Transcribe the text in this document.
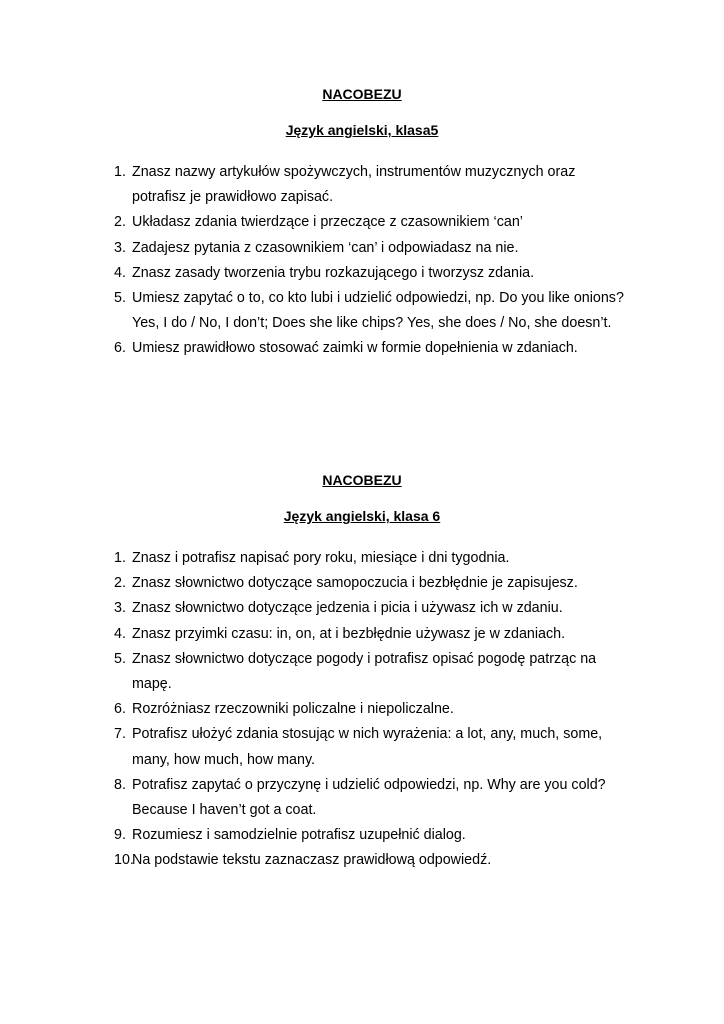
NACOBEZU

Język angielski, klasa5

1. Znasz nazwy artykułów spożywczych, instrumentów muzycznych oraz
potrafisz je prawidłowo zapisać.
2. Układasz zdania twierdzące i przeczące z czasownikiem ‘can’
3. Zadajesz pytania z czasownikiem ‘can’ i odpowiadasz na nie.
4. Znasz zasady tworzenia trybu rozkazującego i tworzysz zdania.
5. Umiesz zapytać o to, co kto lubi i udzielić odpowiedzi, np. Do you like onions?
Yes, I do / No, I don’t; Does she like chips? Yes, she does / No, she doesn’t.
6. Umiesz prawidłowo stosować zaimki w formie dopełnienia w zdaniach.

NACOBEZU

Język angielski, klasa 6

1. Znasz i potrafisz napisać pory roku, miesiące i dni tygodnia.
2. Znasz słownictwo dotyczące samopoczucia i bezbłędnie je zapisujesz.
3. Znasz słownictwo dotyczące jedzenia i picia i używasz ich w zdaniu.
4. Znasz przyimki czasu: in, on, at i bezbłędnie używasz je w zdaniach.
5. Znasz słownictwo dotyczące pogody i potrafisz opisać pogodę patrząc na
mapę.
6. Rozróżniasz rzeczowniki policzalne i niepoliczalne.
7. Potrafisz ułożyć zdania stosując w nich wyrażenia: a lot, any, much, some,
many, how much, how many.
8. Potrafisz zapytać o przyczynę i udzielić odpowiedzi, np. Why are you cold?
Because I haven’t got a coat.
9. Rozumiesz i samodzielnie potrafisz uzupełnić dialog.
10.
Na podstawie tekstu zaznaczasz prawidłową odpowiedź.
